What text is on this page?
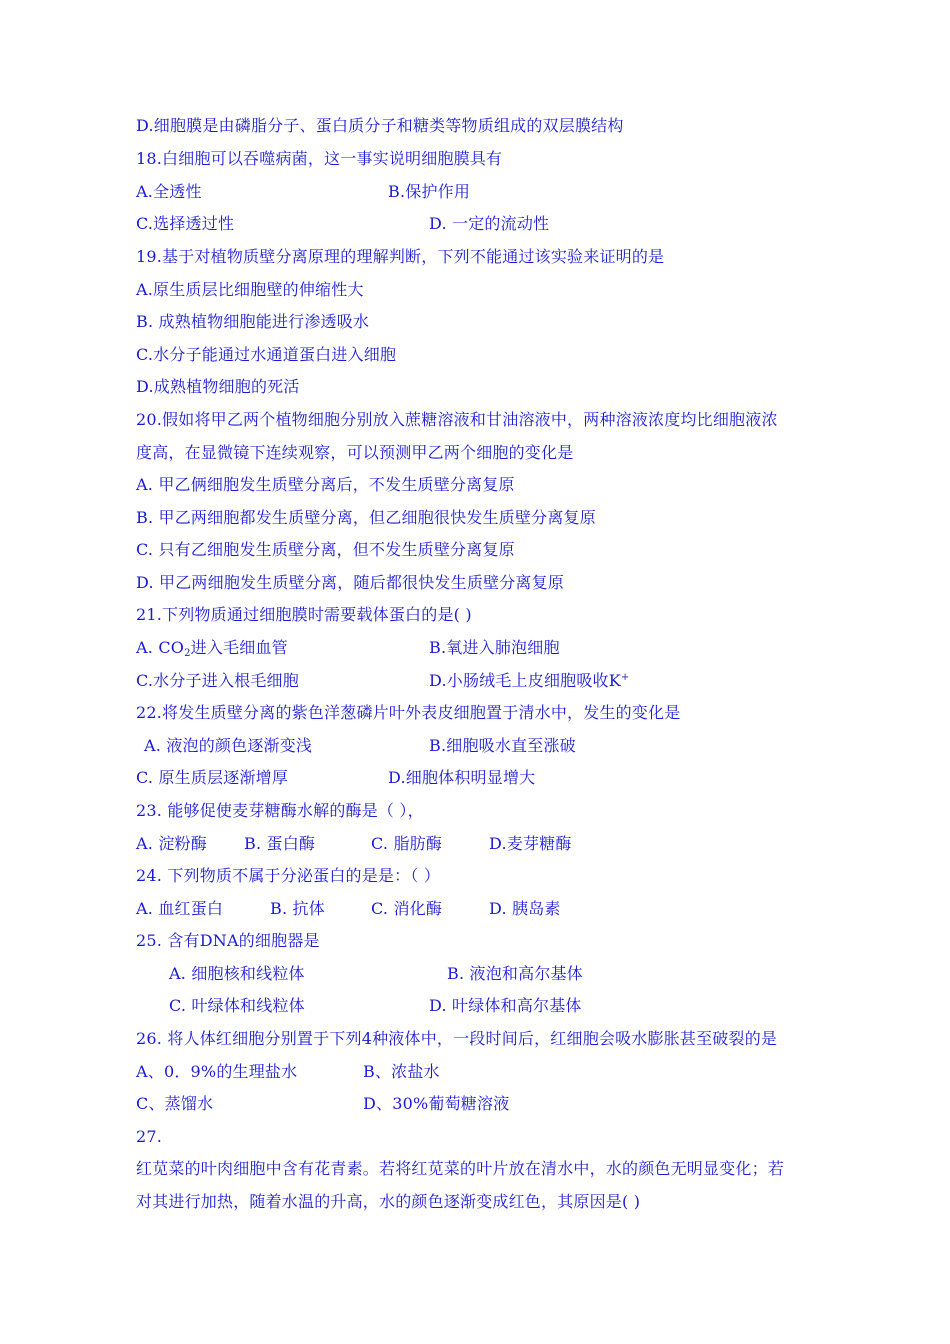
D.细胞膜是由磷脂分子、蛋白质分子和糖类等物质组成的双层膜结构
18.白细胞可以吞噬病菌，这一事实说明细胞膜具有
A.全透性	B.保护作用
C.选择透过性	D. 一定的流动性
19.基于对植物质壁分离原理的理解判断，下列不能通过该实验来证明的是
A.原生质层比细胞壁的伸缩性大
B. 成熟植物细胞能进行渗透吸水
C.水分子能通过水通道蛋白进入细胞
D.成熟植物细胞的死活
20.假如将甲乙两个植物细胞分别放入蔗糖溶液和甘油溶液中，两种溶液浓度均比细胞液浓
度高，在显微镜下连续观察，可以预测甲乙两个细胞的变化是
A. 甲乙俩细胞发生质壁分离后，不发生质壁分离复原
B. 甲乙两细胞都发生质壁分离，但乙细胞很快发生质壁分离复原
C. 只有乙细胞发生质壁分离，但不发生质壁分离复原
D. 甲乙两细胞发生质壁分离，随后都很快发生质壁分离复原
21.下列物质通过细胞膜时需要载体蛋白的是( )
A. $CO_2$进入毛细血管	B.氧进入肺泡细胞
C.水分子进入根毛细胞	D.小肠绒毛上皮细胞吸收K+
22.将发生质壁分离的紫色洋葱磷片叶外表皮细胞置于清水中，发生的变化是
A. 液泡的颜色逐渐变浅	B.细胞吸水直至涨破
C. 原生质层逐渐增厚	D.细胞体积明显增大
23. 能够促使麦芽糖酶水解的酶是（ ），
A. 淀粉酶 B. 蛋白酶	C. 脂肪酶	D.麦芽糖酶
24. 下列物质不属于分泌蛋白的是是：（ ）
A. 血红蛋白	B. 抗体	C. 消化酶	D. 胰岛素
25. 含有DNA的细胞器是
A. 细胞核和线粒体	B. 液泡和高尔基体
C. 叶绿体和线粒体	D. 叶绿体和高尔基体
26. 将人体红细胞分别置于下列4种液体中，一段时间后，红细胞会吸水膨胀甚至破裂的是
A、0．9%的生理盐水	B、浓盐水
C、蒸馏水	D、30%葡萄糖溶液
27.
红苋菜的叶肉细胞中含有花青素。若将红苋菜的叶片放在清水中，水的颜色无明显变化；若
对其进行加热，随着水温的升高，水的颜色逐渐变成红色，其原因是( )
